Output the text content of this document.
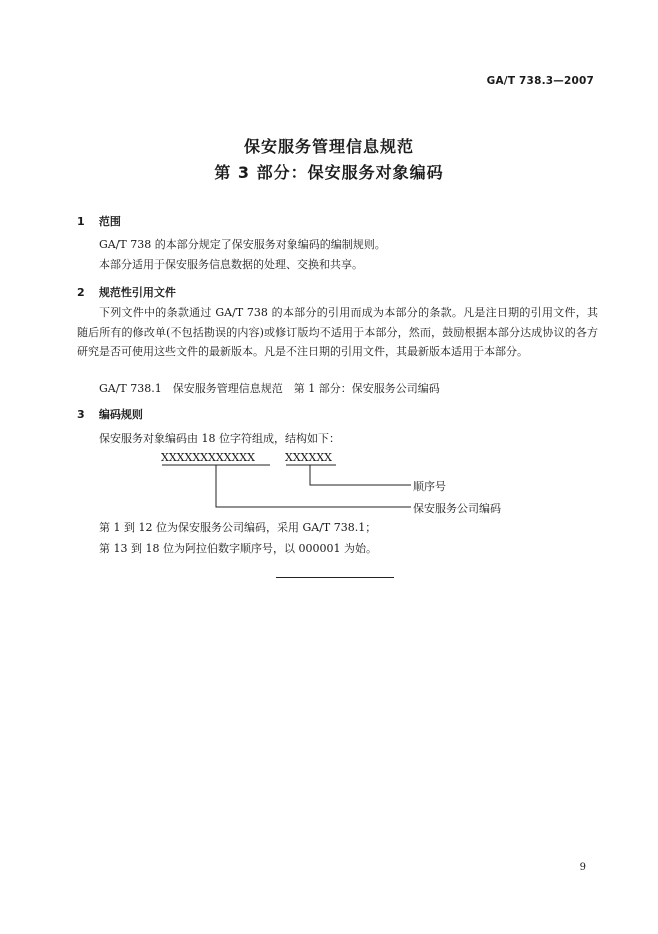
GA/T 738.3—2007
保安服务管理信息规范
第 3 部分：保安服务对象编码
1 范围
GA/T 738 的本部分规定了保安服务对象编码的编制规则。
本部分适用于保安服务信息数据的处理、交换和共享。
2 规范性引用文件
下列文件中的条款通过 GA/T 738 的本部分的引用而成为本部分的条款。凡是注日期的引用文件，其随后所有的修改单(不包括勘误的内容)或修订版均不适用于本部分，然而，鼓励根据本部分达成协议的各方研究是否可使用这些文件的最新版本。凡是不注日期的引用文件，其最新版本适用于本部分。
GA/T 738.1　保安服务管理信息规范　第 1 部分：保安服务公司编码
3 编码规则
保安服务对象编码由 18 位字符组成，结构如下：
XXXXXXXXXXXX	XXXXXX
顺序号
保安服务公司编码
第 1 到 12 位为保安服务公司编码，采用 GA/T 738.1；
第 13 到 18 位为阿拉伯数字顺序号，以 000001 为始。
9
